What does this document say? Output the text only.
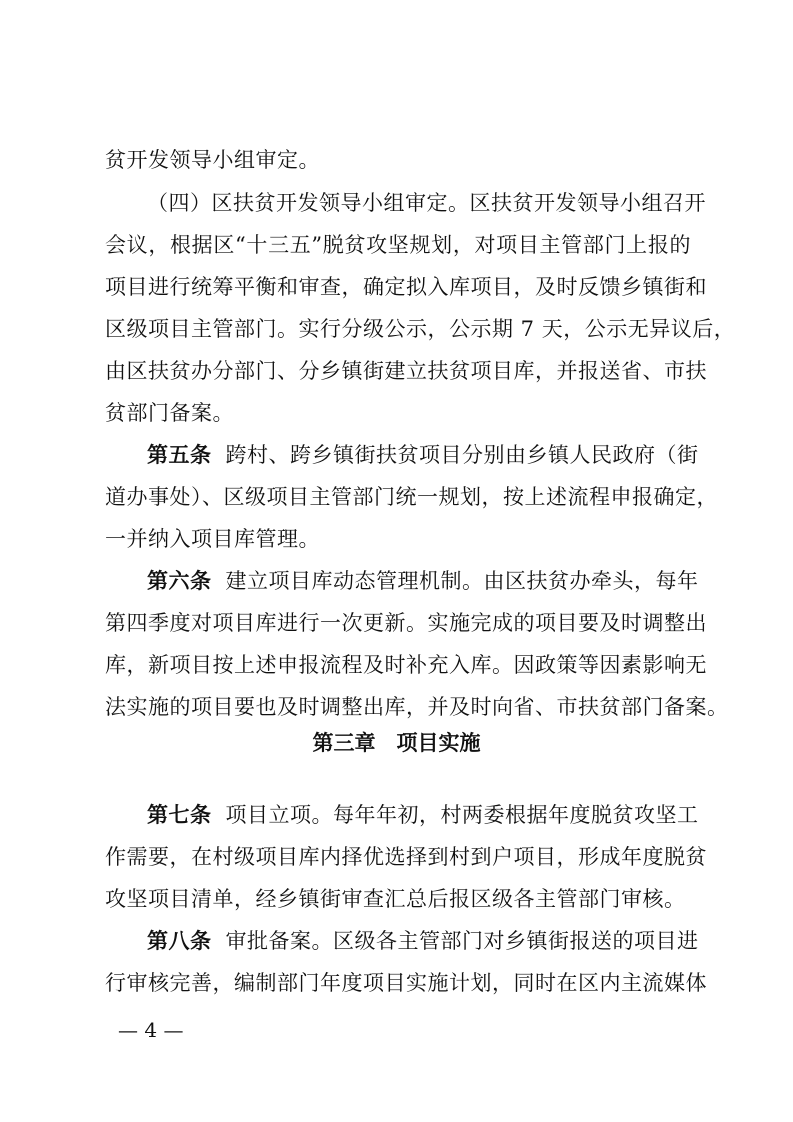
贫开发领导小组审定。
（四）区扶贫开发领导小组审定。区扶贫开发领导小组召开
会议，根据区“十三五”脱贫攻坚规划，对项目主管部门上报的
项目进行统筹平衡和审查，确定拟入库项目，及时反馈乡镇街和
区级项目主管部门。实行分级公示，公示期 7 天，公示无异议后，
由区扶贫办分部门、分乡镇街建立扶贫项目库，并报送省、市扶
贫部门备案。
第五条 跨村、跨乡镇街扶贫项目分别由乡镇人民政府（街
道办事处）、区级项目主管部门统一规划，按上述流程申报确定，
一并纳入项目库管理。
第六条 建立项目库动态管理机制。由区扶贫办牵头，每年
第四季度对项目库进行一次更新。实施完成的项目要及时调整出
库，新项目按上述申报流程及时补充入库。因政策等因素影响无
法实施的项目要也及时调整出库，并及时向省、市扶贫部门备案。
第三章　项目实施
第七条 项目立项。每年年初，村两委根据年度脱贫攻坚工
作需要，在村级项目库内择优选择到村到户项目，形成年度脱贫
攻坚项目清单，经乡镇街审查汇总后报区级各主管部门审核。
第八条 审批备案。区级各主管部门对乡镇街报送的项目进
行审核完善，编制部门年度项目实施计划，同时在区内主流媒体
— 4 —
